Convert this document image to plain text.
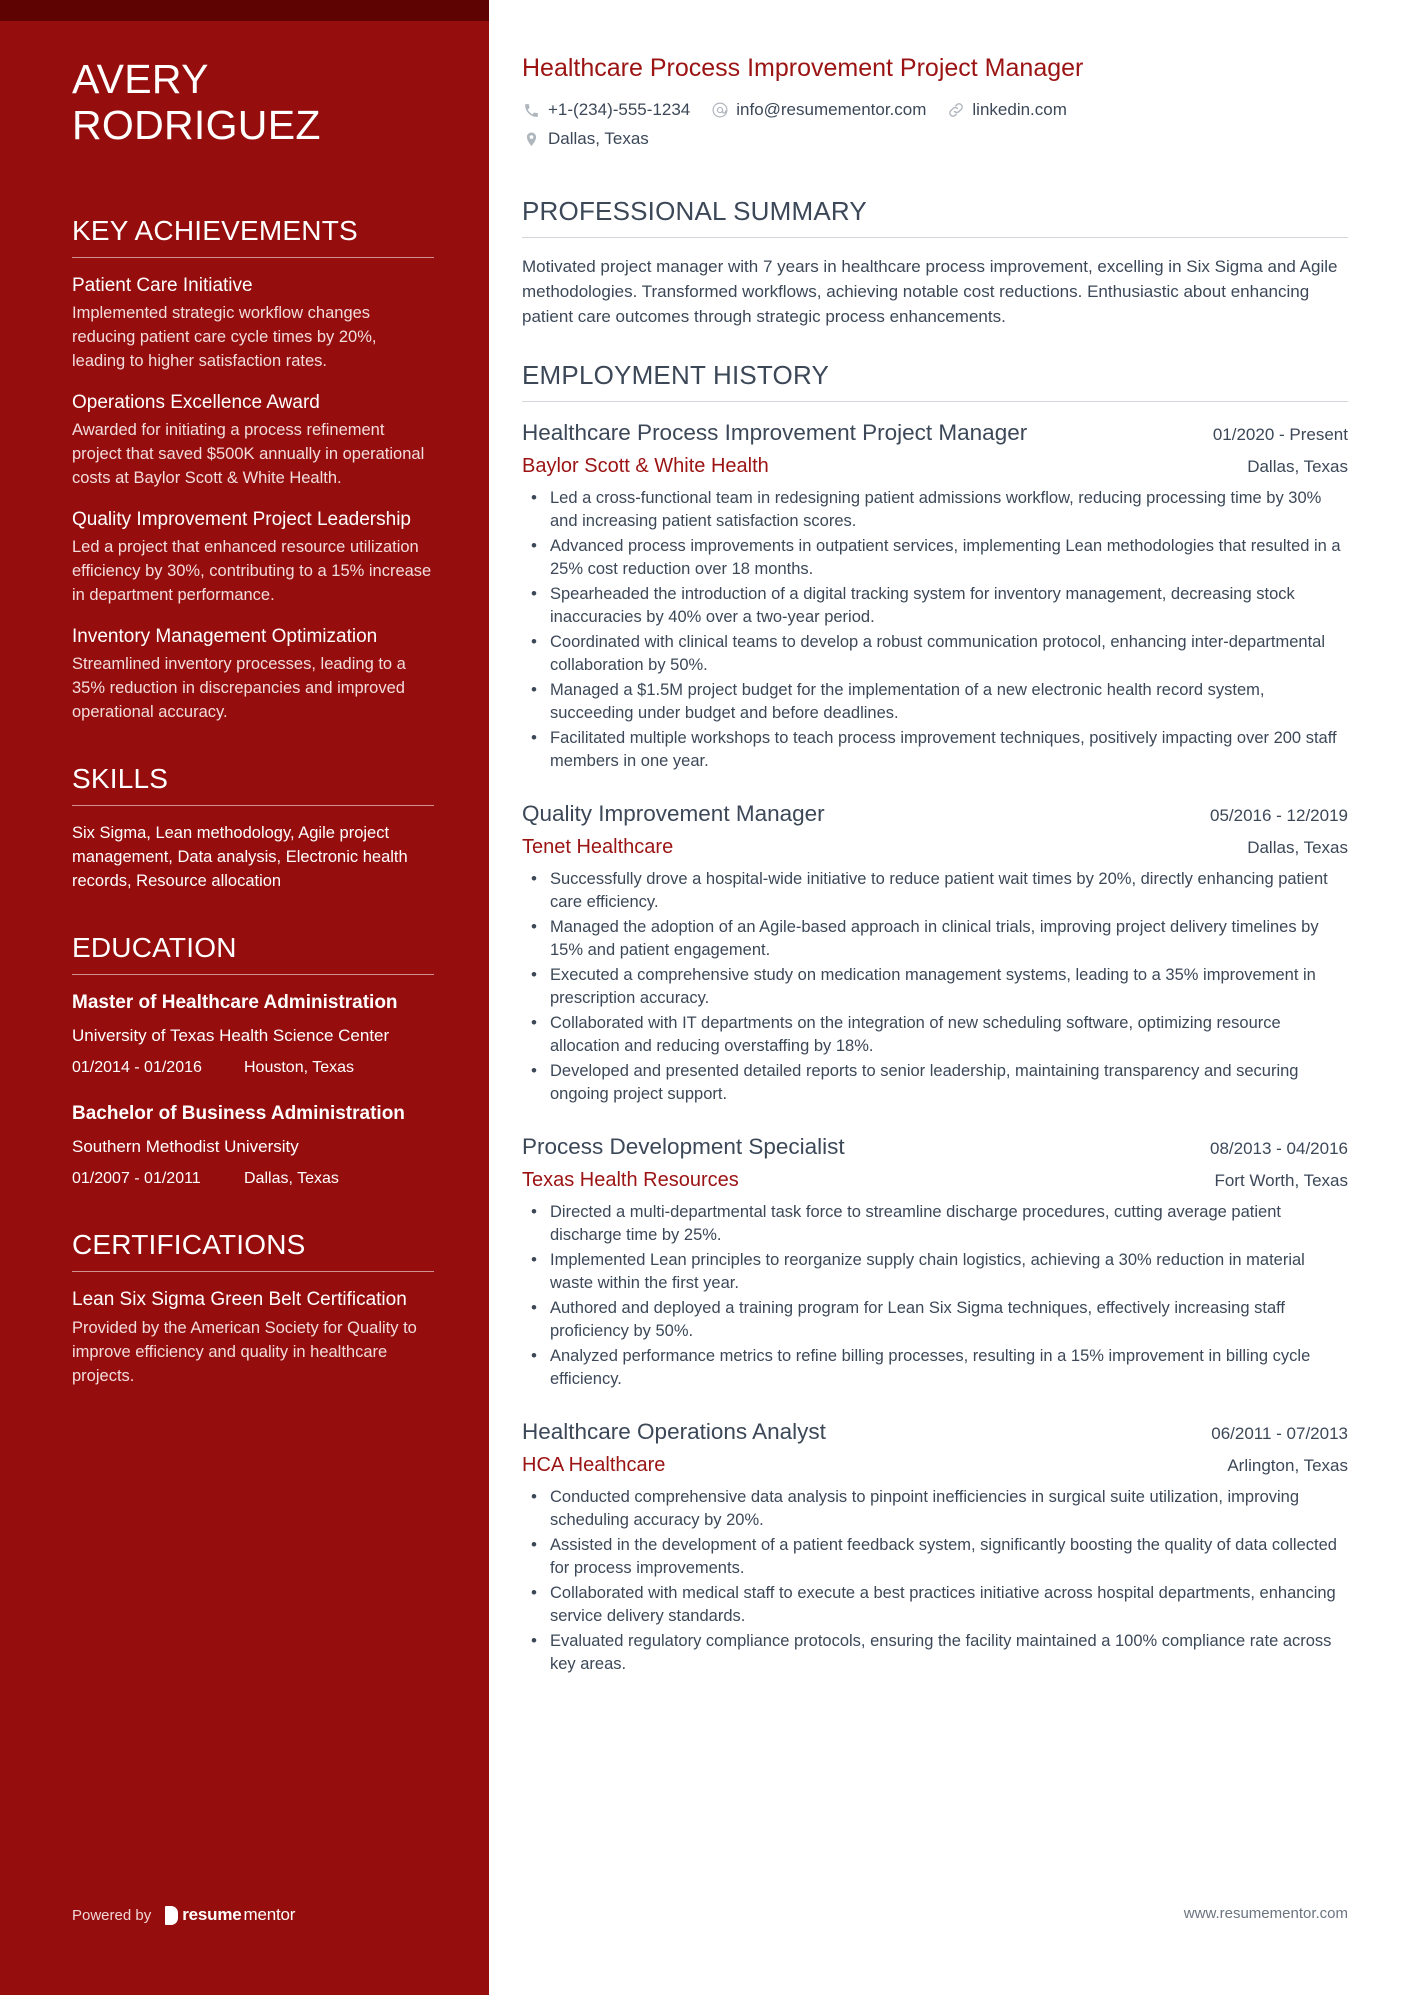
AVERY
RODRIGUEZ
KEY ACHIEVEMENTS
Patient Care Initiative
Implemented strategic workflow changes reducing patient care cycle times by 20%, leading to higher satisfaction rates.
Operations Excellence Award
Awarded for initiating a process refinement project that saved $500K annually in operational costs at Baylor Scott & White Health.
Quality Improvement Project Leadership
Led a project that enhanced resource utilization efficiency by 30%, contributing to a 15% increase in department performance.
Inventory Management Optimization
Streamlined inventory processes, leading to a 35% reduction in discrepancies and improved operational accuracy.
SKILLS
Six Sigma, Lean methodology, Agile project management, Data analysis, Electronic health records, Resource allocation
EDUCATION
Master of Healthcare Administration
University of Texas Health Science Center
01/2014 - 01/2016	Houston, Texas
Bachelor of Business Administration
Southern Methodist University
01/2007 - 01/2011	Dallas, Texas
CERTIFICATIONS
Lean Six Sigma Green Belt Certification
Provided by the American Society for Quality to improve efficiency and quality in healthcare projects.
Powered by resume mentor
Healthcare Process Improvement Project Manager
+1-(234)-555-1234	info@resumementor.com	linkedin.com
Dallas, Texas
PROFESSIONAL SUMMARY

Motivated project manager with 7 years in healthcare process improvement, excelling in Six Sigma and Agile methodologies. Transformed workflows, achieving notable cost reductions. Enthusiastic about enhancing patient care outcomes through strategic process enhancements.

EMPLOYMENT HISTORY
Healthcare Process Improvement Project Manager	01/2020 - Present
Baylor Scott & White Health	Dallas, Texas
• Led a cross-functional team in redesigning patient admissions workflow, reducing processing time by 30% and increasing patient satisfaction scores.
• Advanced process improvements in outpatient services, implementing Lean methodologies that resulted in a 25% cost reduction over 18 months.
• Spearheaded the introduction of a digital tracking system for inventory management, decreasing stock inaccuracies by 40% over a two-year period.
• Coordinated with clinical teams to develop a robust communication protocol, enhancing inter-departmental collaboration by 50%.
• Managed a $1.5M project budget for the implementation of a new electronic health record system, succeeding under budget and before deadlines.
• Facilitated multiple workshops to teach process improvement techniques, positively impacting over 200 staff members in one year.
Quality Improvement Manager	05/2016 - 12/2019
Tenet Healthcare	Dallas, Texas
• Successfully drove a hospital-wide initiative to reduce patient wait times by 20%, directly enhancing patient care efficiency.
• Managed the adoption of an Agile-based approach in clinical trials, improving project delivery timelines by 15% and patient engagement.
• Executed a comprehensive study on medication management systems, leading to a 35% improvement in prescription accuracy.
• Collaborated with IT departments on the integration of new scheduling software, optimizing resource allocation and reducing overstaffing by 18%.
• Developed and presented detailed reports to senior leadership, maintaining transparency and securing ongoing project support.
Process Development Specialist	08/2013 - 04/2016
Texas Health Resources	Fort Worth, Texas
• Directed a multi-departmental task force to streamline discharge procedures, cutting average patient discharge time by 25%.
• Implemented Lean principles to reorganize supply chain logistics, achieving a 30% reduction in material waste within the first year.
• Authored and deployed a training program for Lean Six Sigma techniques, effectively increasing staff proficiency by 50%.
• Analyzed performance metrics to refine billing processes, resulting in a 15% improvement in billing cycle efficiency.
Healthcare Operations Analyst	06/2011 - 07/2013
HCA Healthcare	Arlington, Texas
• Conducted comprehensive data analysis to pinpoint inefficiencies in surgical suite utilization, improving scheduling accuracy by 20%.
• Assisted in the development of a patient feedback system, significantly boosting the quality of data collected for process improvements.
• Collaborated with medical staff to execute a best practices initiative across hospital departments, enhancing service delivery standards.
• Evaluated regulatory compliance protocols, ensuring the facility maintained a 100% compliance rate across key areas.
www.resumementor.com
